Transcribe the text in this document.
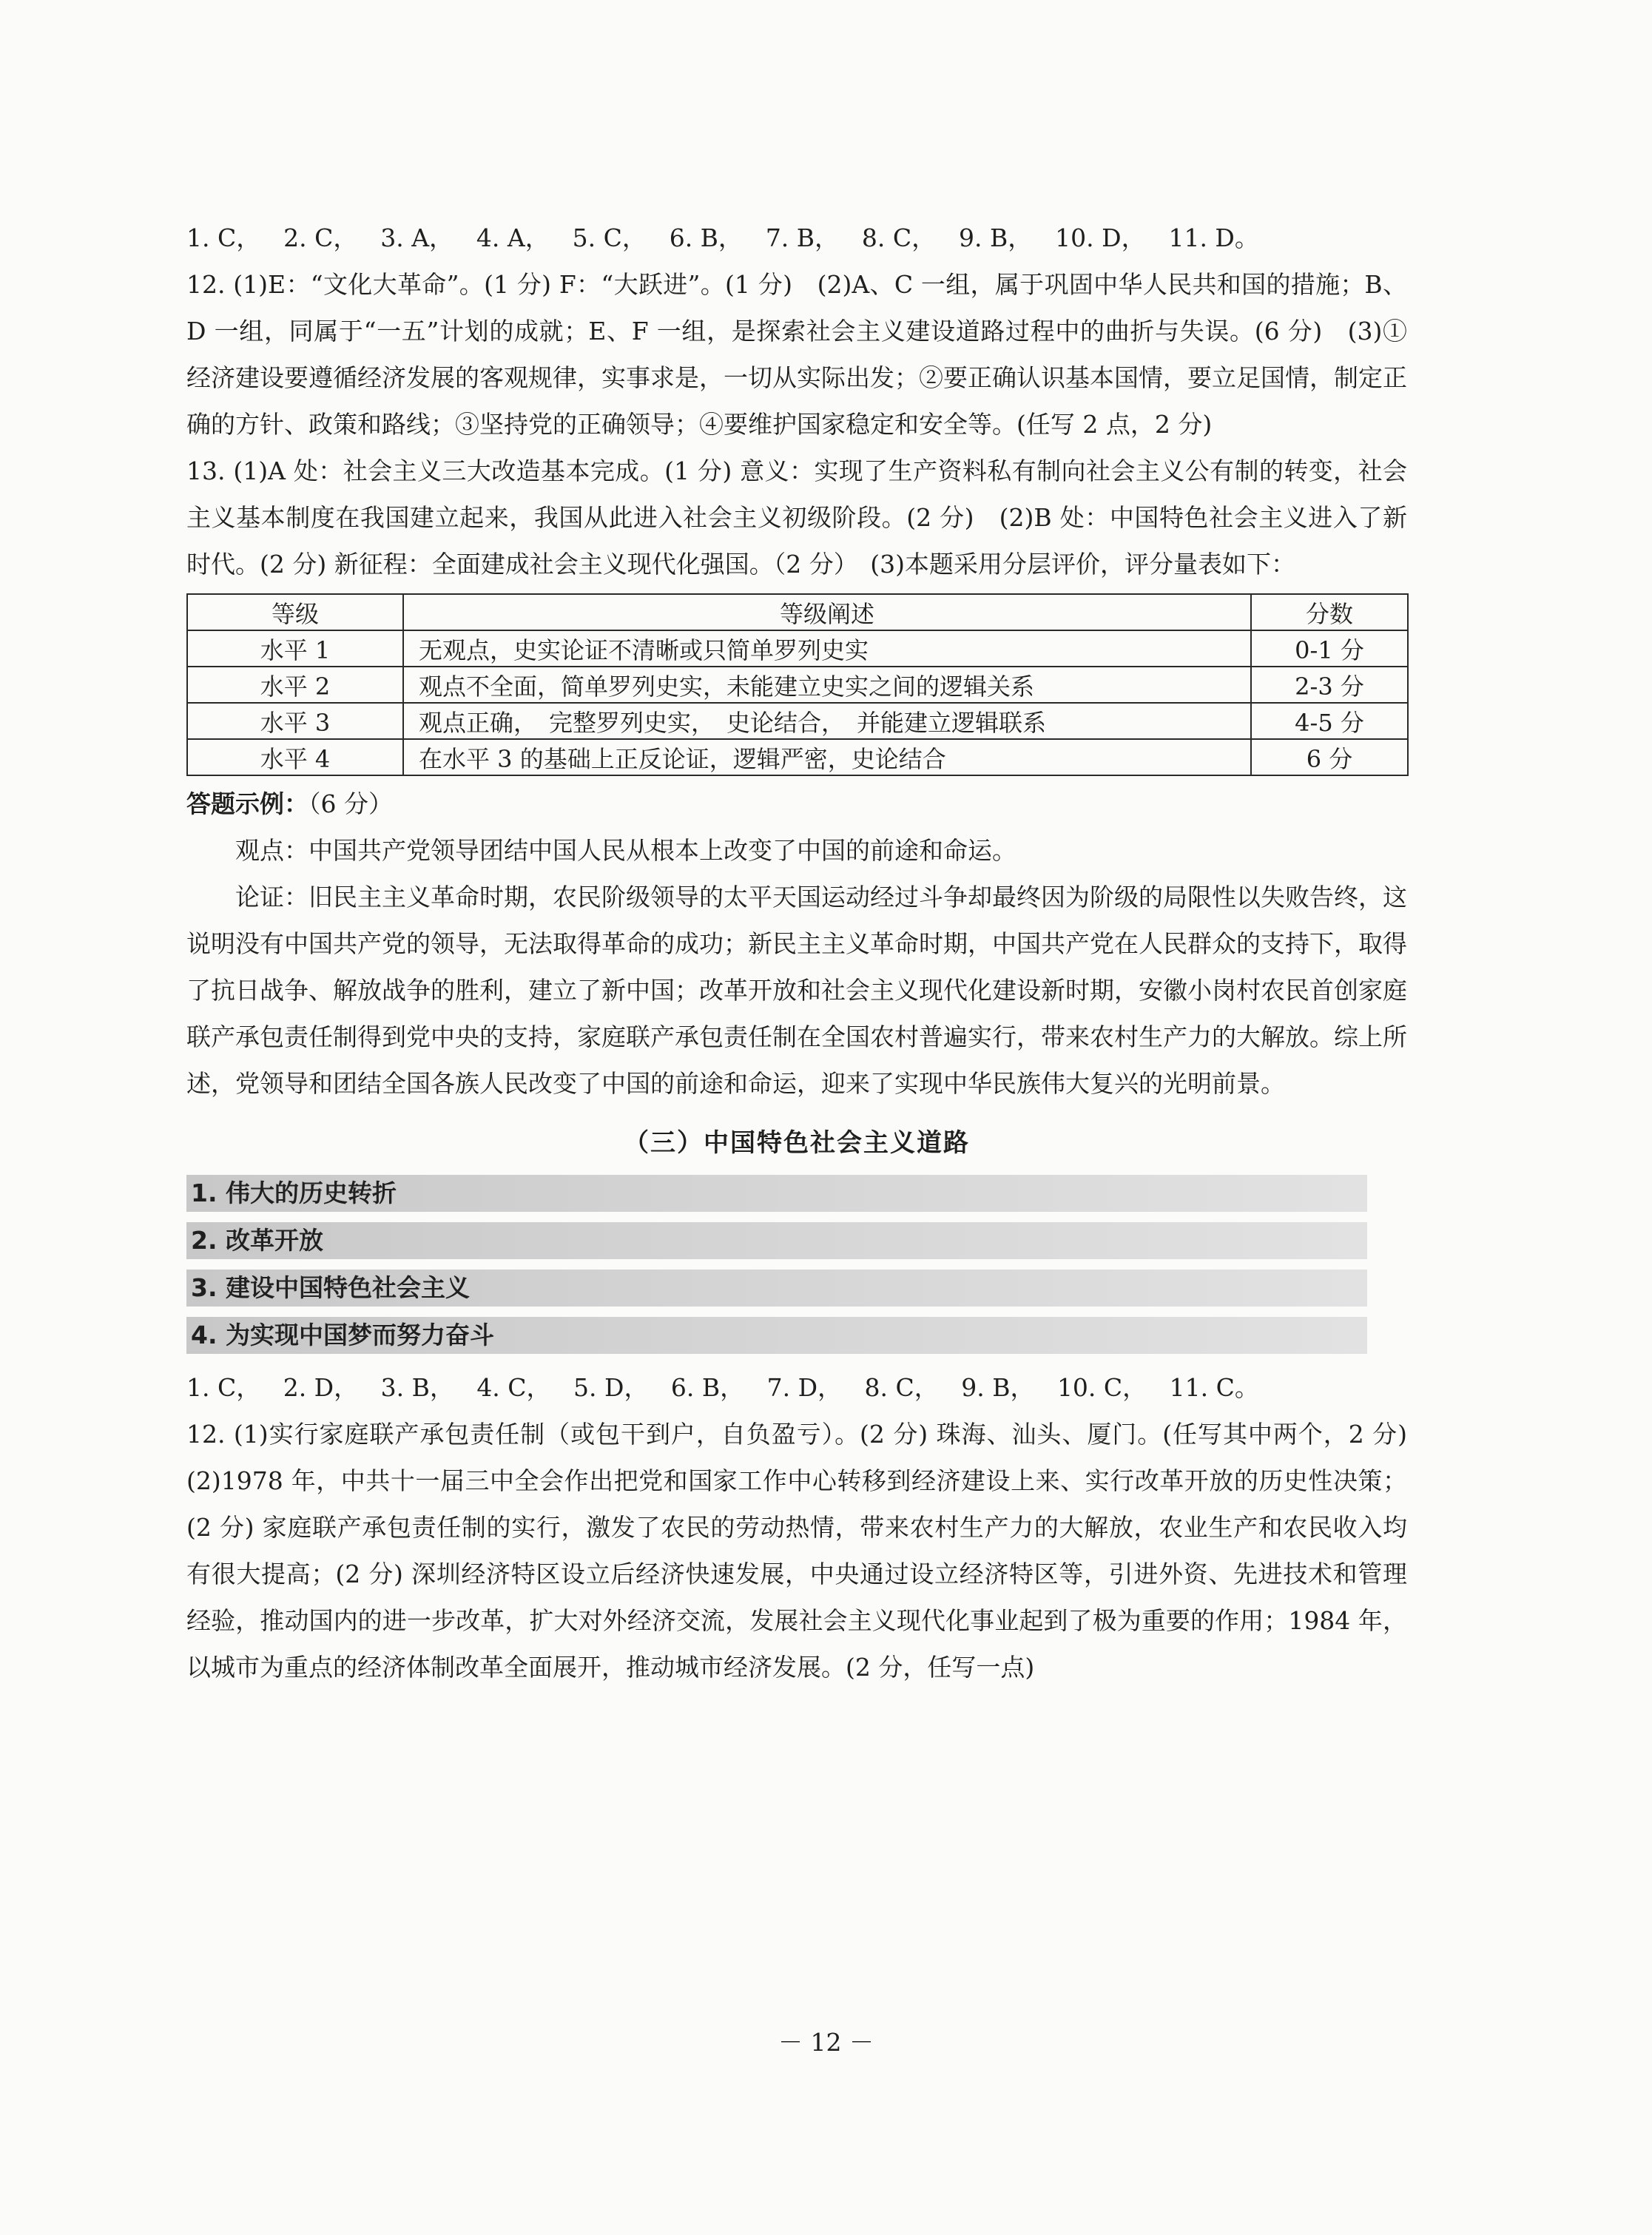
1. C， 2. C， 3. A， 4. A， 5. C， 6. B， 7. B， 8. C， 9. B， 10. D， 11. D。

12. (1)E：“文化大革命”。(1 分) F：“大跃进”。(1 分)　(2)A、C 一组，属于巩固中华人民共和国的措施；B、D 一组，同属于“一五”计划的成就；E、F 一组，是探索社会主义建设道路过程中的曲折与失误。(6 分)　(3)①经济建设要遵循经济发展的客观规律，实事求是，一切从实际出发；②要正确认识基本国情，要立足国情，制定正确的方针、政策和路线；③坚持党的正确领导；④要维护国家稳定和安全等。(任写 2 点，2 分)

13. (1)A 处：社会主义三大改造基本完成。(1 分) 意义：实现了生产资料私有制向社会主义公有制的转变，社会主义基本制度在我国建立起来，我国从此进入社会主义初级阶段。(2 分)　(2)B 处：中国特色社会主义进入了新时代。(2 分) 新征程：全面建成社会主义现代化强国。（2 分）　(3)本题采用分层评价，评分量表如下：

等级	等级阐述	分数
水平 1	无观点，史实论证不清晰或只简单罗列史实	0-1 分
水平 2	观点不全面，简单罗列史实，未能建立史实之间的逻辑关系	2-3 分
水平 3	观点正确，　完整罗列史实，　史论结合，　并能建立逻辑联系	4-5 分
水平 4	在水平 3 的基础上正反论证，逻辑严密，史论结合	6 分

答题示例：（6 分）

观点：中国共产党领导团结中国人民从根本上改变了中国的前途和命运。

论证：旧民主主义革命时期，农民阶级领导的太平天国运动经过斗争却最终因为阶级的局限性以失败告终，这说明没有中国共产党的领导，无法取得革命的成功；新民主主义革命时期，中国共产党在人民群众的支持下，取得了抗日战争、解放战争的胜利，建立了新中国；改革开放和社会主义现代化建设新时期，安徽小岗村农民首创家庭联产承包责任制得到党中央的支持，家庭联产承包责任制在全国农村普遍实行，带来农村生产力的大解放。综上所述，党领导和团结全国各族人民改变了中国的前途和命运，迎来了实现中华民族伟大复兴的光明前景。

（三）中国特色社会主义道路
1. 伟大的历史转折
2. 改革开放
3. 建设中国特色社会主义
4. 为实现中国梦而努力奋斗
1. C， 2. D， 3. B， 4. C， 5. D， 6. B， 7. D， 8. C， 9. B， 10. C， 11. C。

12. (1)实行家庭联产承包责任制（或包干到户，自负盈亏）。(2 分) 珠海、汕头、厦门。(任写其中两个，2 分)　(2)1978 年，中共十一届三中全会作出把党和国家工作中心转移到经济建设上来、实行改革开放的历史性决策；(2 分) 家庭联产承包责任制的实行，激发了农民的劳动热情，带来农村生产力的大解放，农业生产和农民收入均有很大提高；(2 分) 深圳经济特区设立后经济快速发展，中央通过设立经济特区等，引进外资、先进技术和管理经验，推动国内的进一步改革，扩大对外经济交流，发展社会主义现代化事业起到了极为重要的作用；1984 年，以城市为重点的经济体制改革全面展开，推动城市经济发展。(2 分，任写一点)

－ 12 －
